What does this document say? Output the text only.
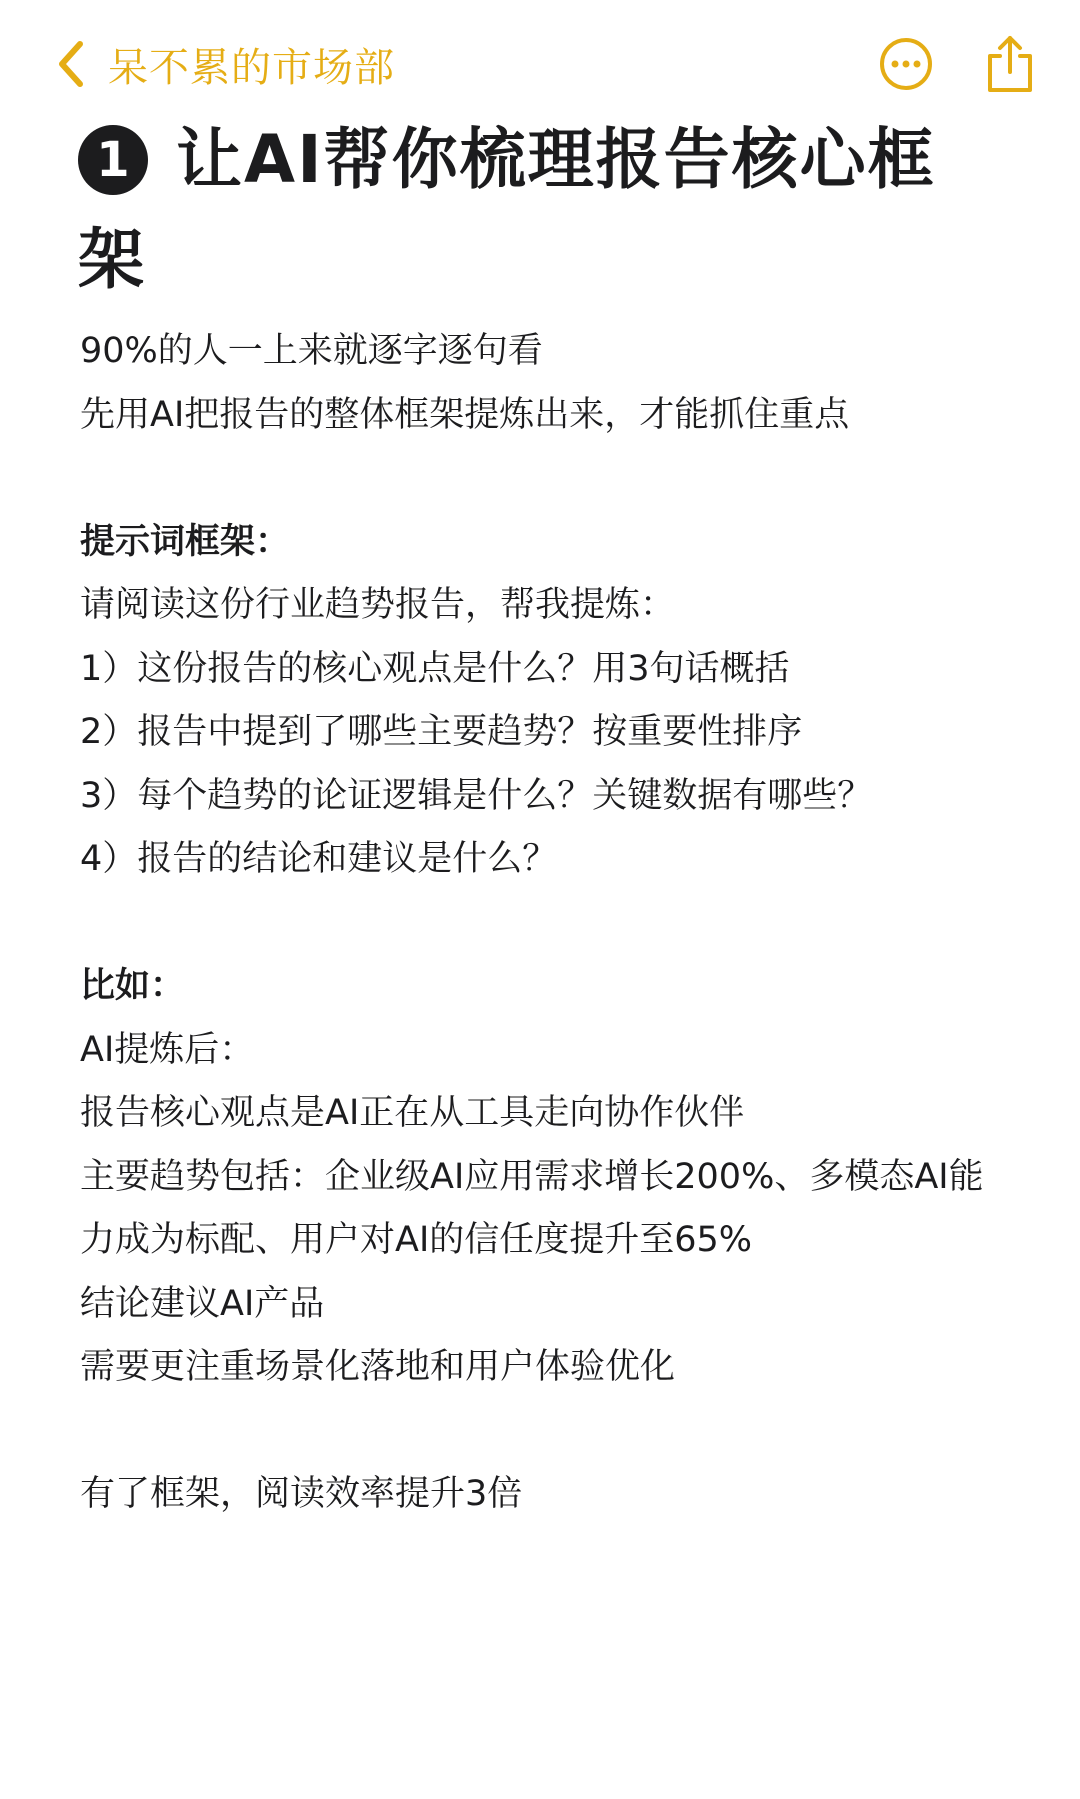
呆不累的市场部
1 让AI帮你梳理报告核心框架
90%的人一上来就逐字逐句看
先用AI把报告的整体框架提炼出来，才能抓住重点
提示词框架：
请阅读这份行业趋势报告，帮我提炼：
1）这份报告的核心观点是什么？用3句话概括
2）报告中提到了哪些主要趋势？按重要性排序
3）每个趋势的论证逻辑是什么？关键数据有哪些？
4）报告的结论和建议是什么？
比如：
AI提炼后：
报告核心观点是AI正在从工具走向协作伙伴
主要趋势包括：企业级AI应用需求增长200%、多模态AI能力成为标配、用户对AI的信任度提升至65%
结论建议AI产品
需要更注重场景化落地和用户体验优化
有了框架，阅读效率提升3倍
